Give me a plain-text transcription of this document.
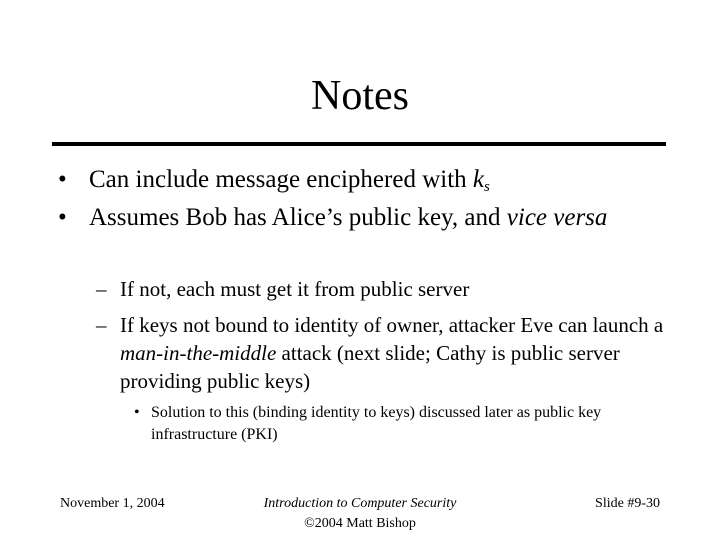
Notes
• Can include message enciphered with $k_s$
• Assumes Bob has Alice’s public key, and vice versa
– If not, each must get it from public server
– If keys not bound to identity of owner, attacker Eve can launch a man-in-the-middle attack (next slide; Cathy is public server providing public keys)
• Solution to this (binding identity to keys) discussed later as public key infrastructure (PKI)
November 1, 2004	Introduction to Computer Security
©2004 Matt Bishop
Slide #9-30
